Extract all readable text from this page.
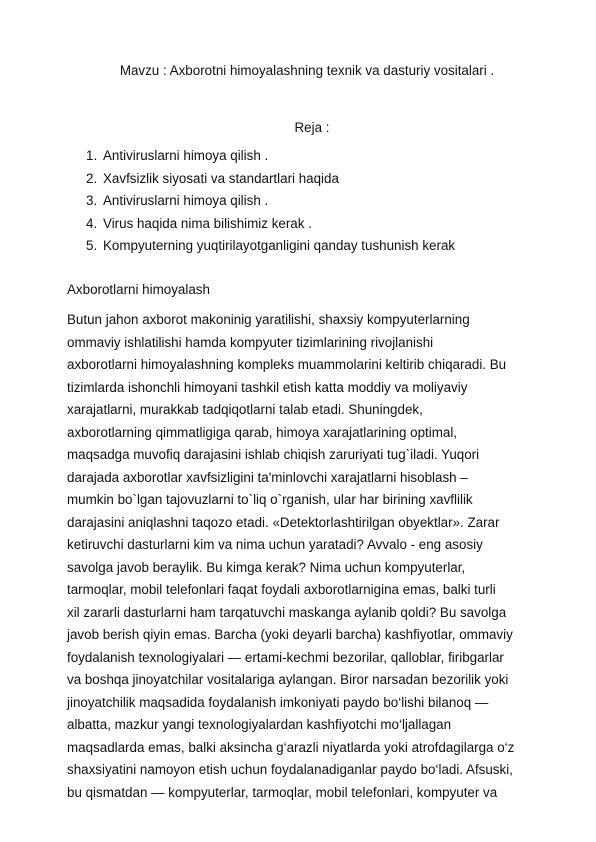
Mavzu : Axborotni himoyalashning texnik va dasturiy vositalari .
Reja :
1. Antiviruslarni himoya qilish .
2. Xavfsizlik siyosati va standartlari haqida
3. Antiviruslarni himoya qilish .
4. Virus haqida nima bilishimiz kerak .
5. Kompyuterning yuqtirilayotganligini qanday tushunish kerak
Axborotlarni himoyalash
Butun jahon axborot makoninig yaratilishi, shaxsiy kompyuterlarning
ommaviy ishlatilishi hamda kompyuter tizimlarining rivojlanishi
axborotlarni himoyalashning kompleks muammolarini keltirib chiqaradi. Bu
tizimlarda ishonchli himoyani tashkil etish katta moddiy va moliyaviy
xarajatlarni, murakkab tadqiqotlarni talab etadi. Shuningdek,
axborotlarning qimmatligiga qarab, himoya xarajatlarining optimal,
maqsadga muvofiq darajasini ishlab chiqish zaruriyati tug`iladi. Yuqori
darajada axborotlar xavfsizligini ta'minlovchi xarajatlarni hisoblash –
mumkin bo`lgan tajovuzlarni to`liq o`rganish, ular har birining xavflilik
darajasini aniqlashni taqozo etadi. «Detektorlashtirilgan obyektlar». Zarar
ketiruvchi dasturlarni kim va nima uchun yaratadi? Avvalo - eng asosiy
savolga javob beraylik. Bu kimga kerak? Nima uchun kompyuterlar,
tarmoqlar, mobil telefonlari faqat foydali axborotlarnigina emas, balki turli
xil zararli dasturlarni ham tarqatuvchi maskanga aylanib qoldi? Bu savolga
javob berish qiyin emas. Barcha (yoki deyarli barcha) kashfiyotlar, ommaviy
foydalanish texnologiyalari — ertami-kechmi bezorilar, qalloblar, firibgarlar
va boshqa jinoyatchilar vositalariga aylangan. Biror narsadan bezorilik yoki
jinoyatchilik maqsadida foydalanish imkoniyati paydo bo‘lishi bilanoq —
albatta, mazkur yangi texnologiyalardan kashfiyotchi mo‘ljallagan
maqsadlarda emas, balki aksincha g‘arazli niyatlarda yoki atrofdagilarga o‘z
shaxsiyatini namoyon etish uchun foydalanadiganlar paydo bo‘ladi. Afsuski,
bu qismatdan — kompyuterlar, tarmoqlar, mobil telefonlari, kompyuter va
